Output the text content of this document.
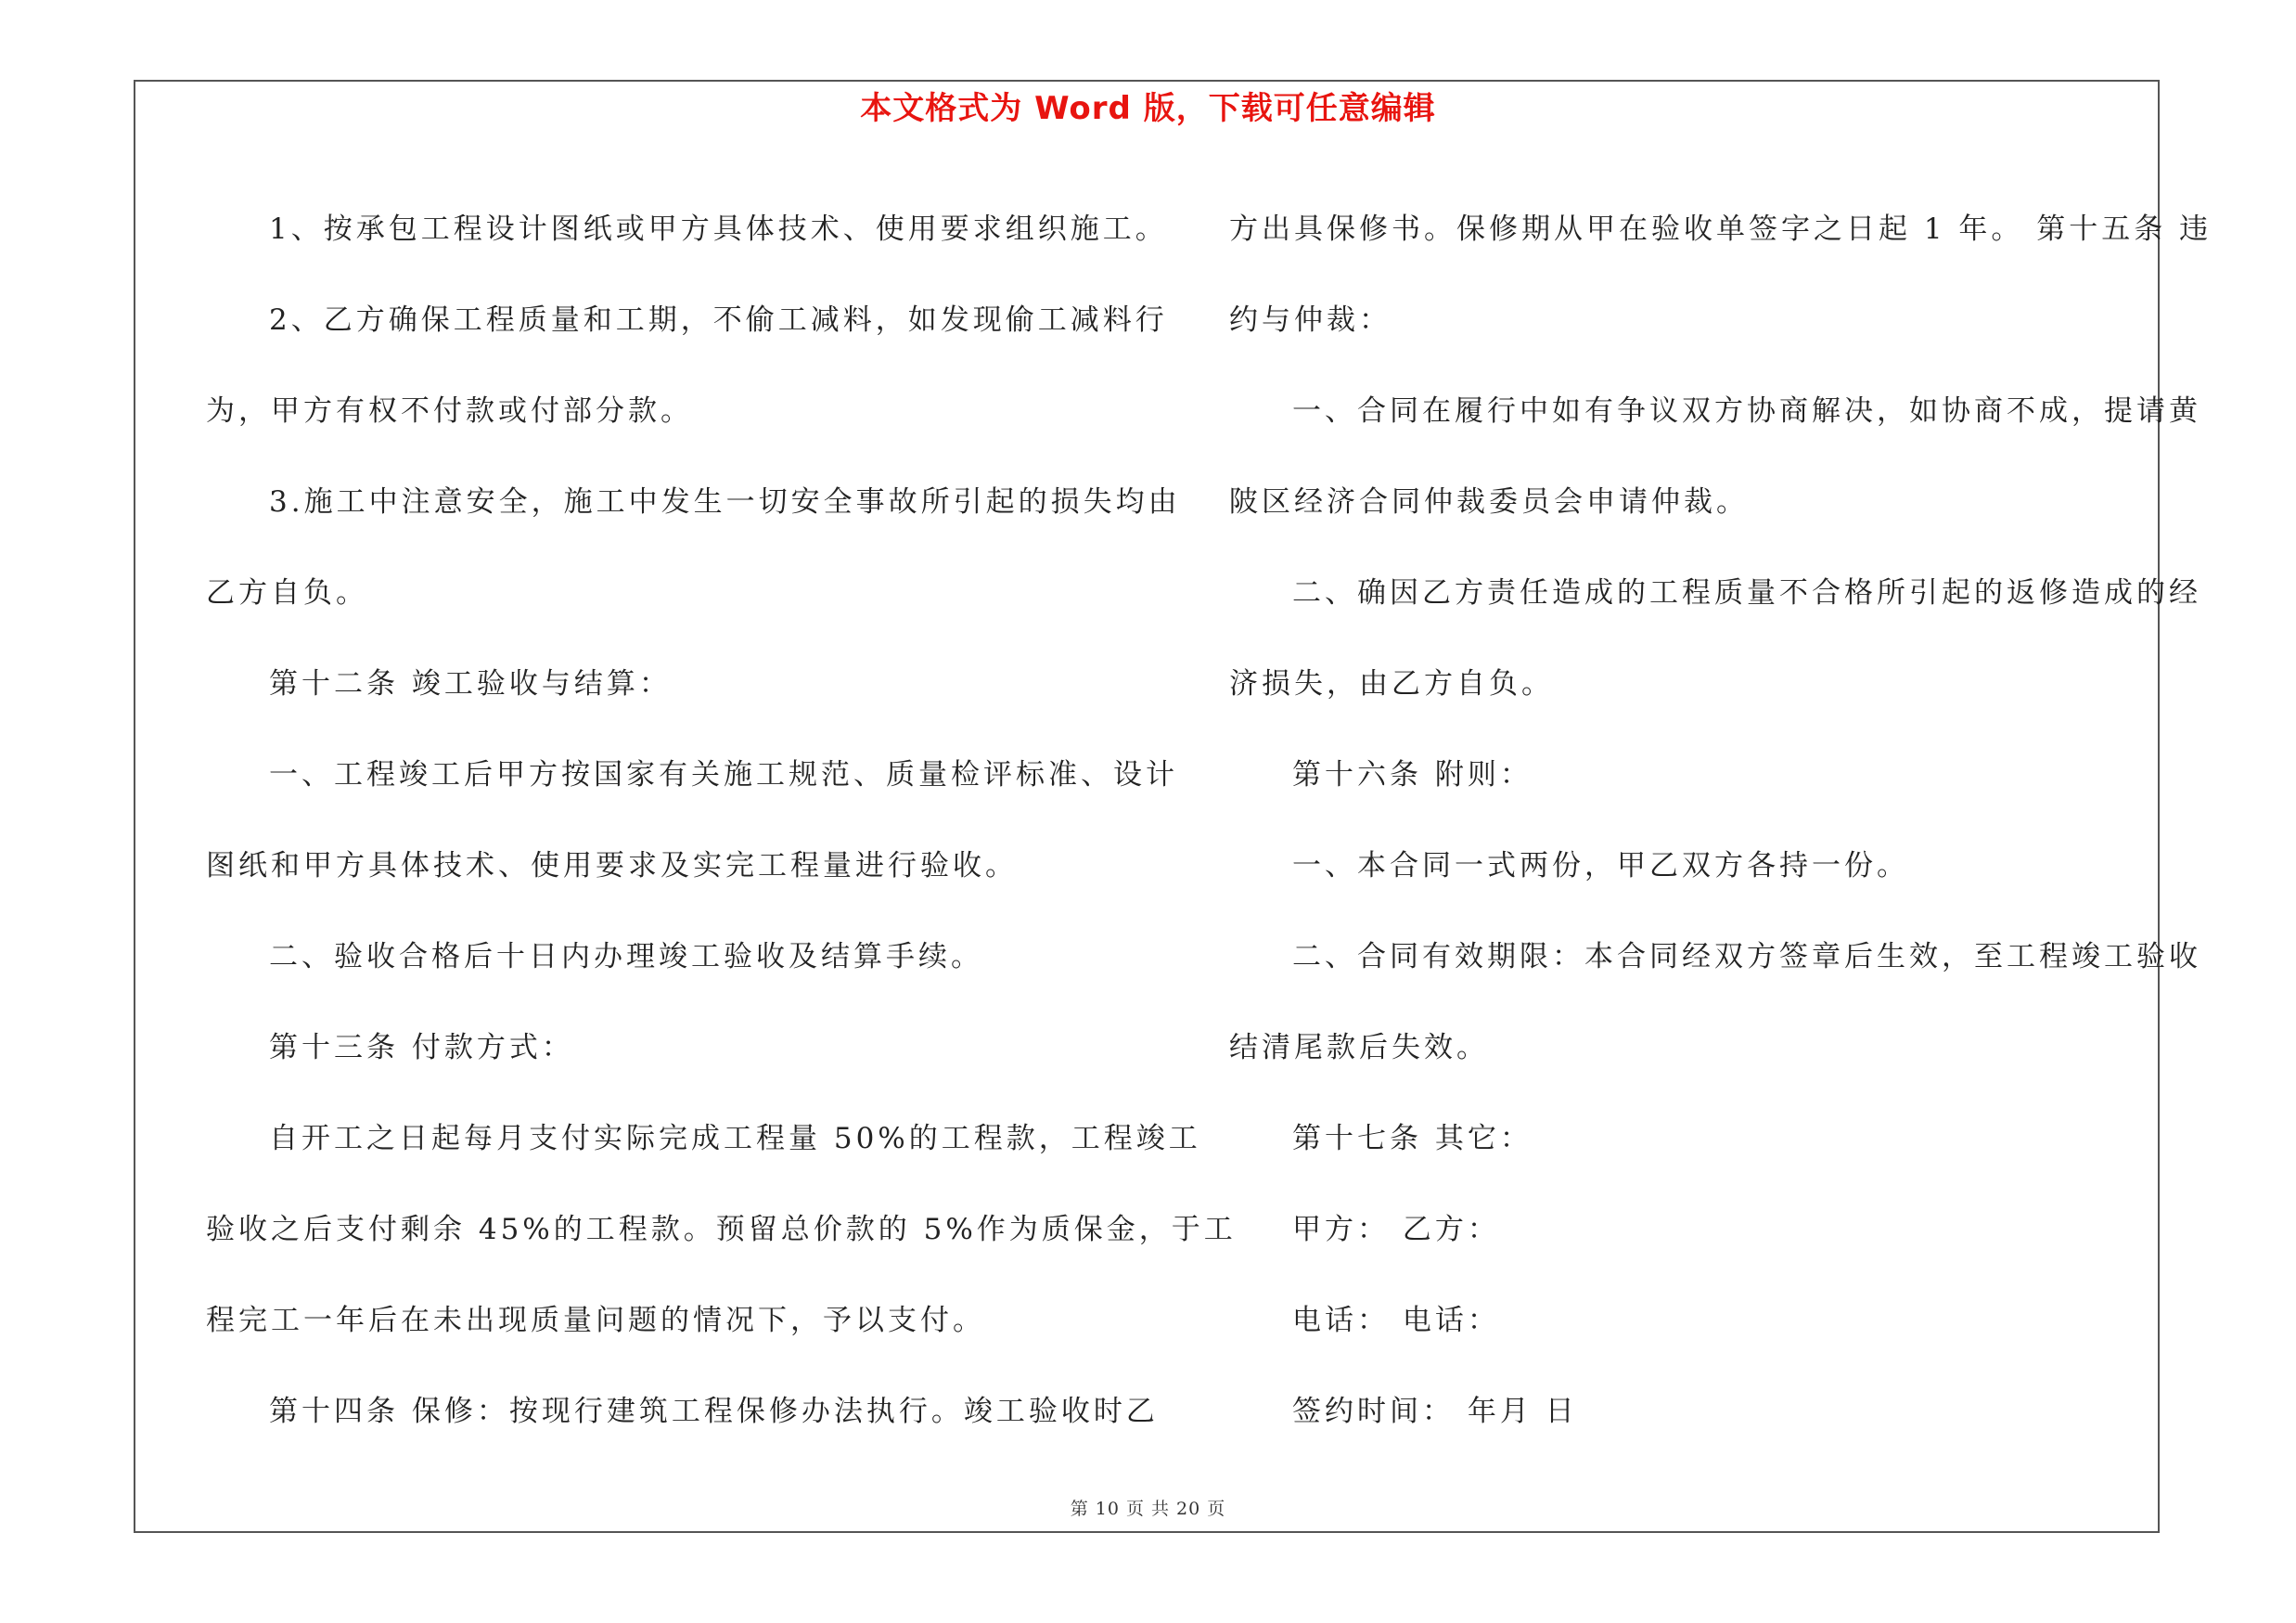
本文格式为 Word 版，下载可任意编辑

1、按承包工程设计图纸或甲方具体技术、使用要求组织施工。

2、乙方确保工程质量和工期，不偷工减料，如发现偷工减料行

为，甲方有权不付款或付部分款。

3.施工中注意安全，施工中发生一切安全事故所引起的损失均由

乙方自负。

第十二条 竣工验收与结算：

一、工程竣工后甲方按国家有关施工规范、质量检评标准、设计

图纸和甲方具体技术、使用要求及实完工程量进行验收。

二、验收合格后十日内办理竣工验收及结算手续。

第十三条 付款方式：

自开工之日起每月支付实际完成工程量 50%的工程款，工程竣工

验收之后支付剩余 45%的工程款。预留总价款的 5%作为质保金，于工

程完工一年后在未出现质量问题的情况下，予以支付。

第十四条 保修：按现行建筑工程保修办法执行。竣工验收时乙

方出具保修书。保修期从甲在验收单签字之日起 1 年。 第十五条 违

约与仲裁：

一、合同在履行中如有争议双方协商解决，如协商不成，提请黄

陂区经济合同仲裁委员会申请仲裁。

二、确因乙方责任造成的工程质量不合格所引起的返修造成的经

济损失，由乙方自负。

第十六条 附则：

一、本合同一式两份，甲乙双方各持一份。

二、合同有效期限：本合同经双方签章后生效，至工程竣工验收

结清尾款后失效。

第十七条 其它：

甲方： 乙方：

电话： 电话：

签约时间： 年月 日

第 10 页 共 20 页
